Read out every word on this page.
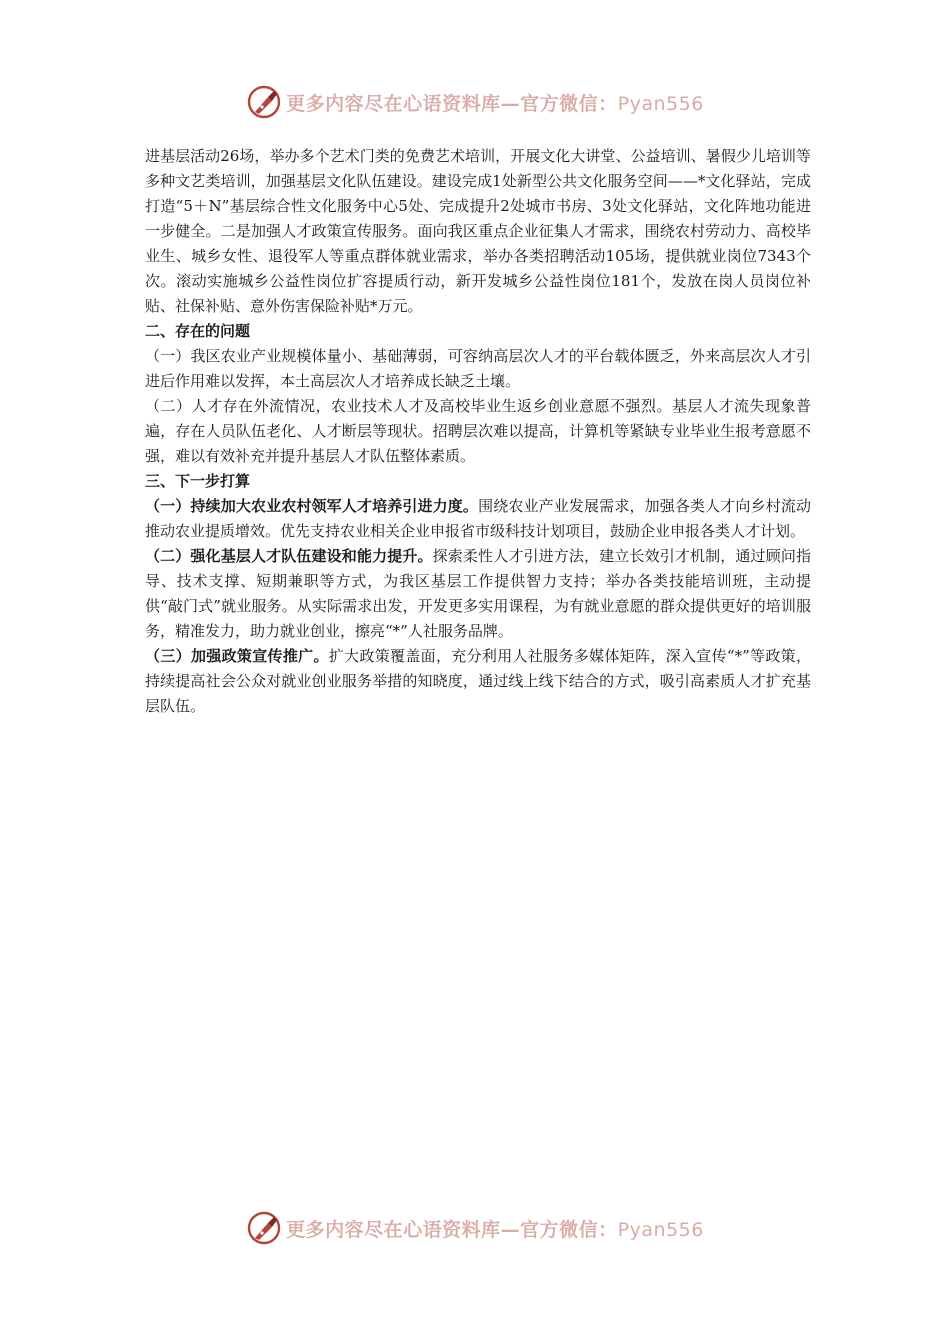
更多内容尽在心语资料库—官方微信：Pyan556

进基层活动26场，举办多个艺术门类的免费艺术培训，开展文化大讲堂、公益培训、暑假少儿培训等多种文艺类培训，加强基层文化队伍建设。建设完成1处新型公共文化服务空间——*文化驿站，完成打造“5＋N”基层综合性文化服务中心5处、完成提升2处城市书房、3处文化驿站，文化阵地功能进一步健全。二是加强人才政策宣传服务。面向我区重点企业征集人才需求，围绕农村劳动力、高校毕业生、城乡女性、退役军人等重点群体就业需求，举办各类招聘活动105场，提供就业岗位7343个次。滚动实施城乡公益性岗位扩容提质行动，新开发城乡公益性岗位181个，发放在岗人员岗位补贴、社保补贴、意外伤害保险补贴*万元。

二、存在的问题

（一）我区农业产业规模体量小、基础薄弱，可容纳高层次人才的平台载体匮乏，外来高层次人才引进后作用难以发挥，本土高层次人才培养成长缺乏土壤。

（二）人才存在外流情况，农业技术人才及高校毕业生返乡创业意愿不强烈。基层人才流失现象普遍，存在人员队伍老化、人才断层等现状。招聘层次难以提高，计算机等紧缺专业毕业生报考意愿不强，难以有效补充并提升基层人才队伍整体素质。

三、下一步打算

（一）持续加大农业农村领军人才培养引进力度。围绕农业产业发展需求，加强各类人才向乡村流动推动农业提质增效。优先支持农业相关企业申报省市级科技计划项目，鼓励企业申报各类人才计划。

（二）强化基层人才队伍建设和能力提升。探索柔性人才引进方法，建立长效引才机制，通过顾问指导、技术支撑、短期兼职等方式，为我区基层工作提供智力支持；举办各类技能培训班，主动提供“敲门式”就业服务。从实际需求出发，开发更多实用课程，为有就业意愿的群众提供更好的培训服务，精准发力，助力就业创业，擦亮“*”人社服务品牌。

（三）加强政策宣传推广。扩大政策覆盖面，充分利用人社服务多媒体矩阵，深入宣传“*”等政策，持续提高社会公众对就业创业服务举措的知晓度，通过线上线下结合的方式，吸引高素质人才扩充基层队伍。

更多内容尽在心语资料库—官方微信：Pyan556
